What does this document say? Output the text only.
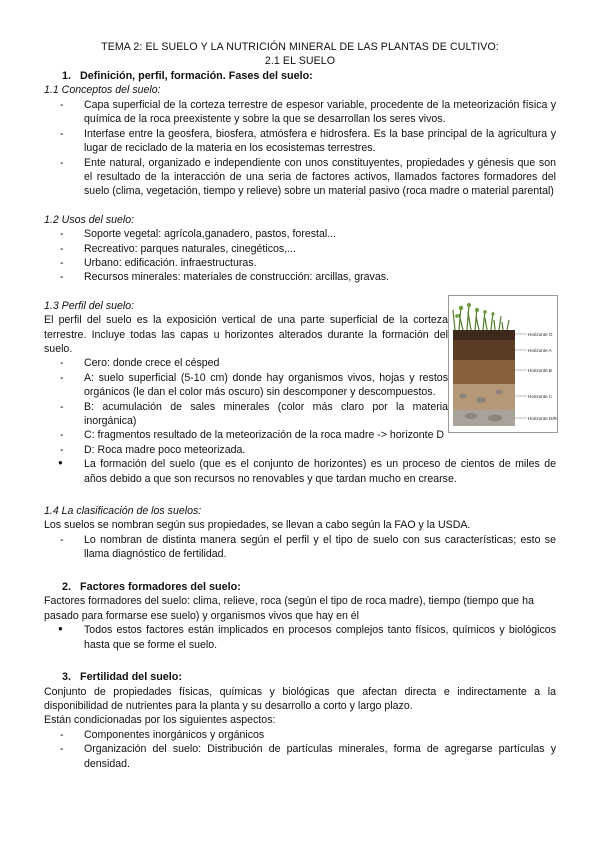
TEMA 2: EL SUELO Y LA NUTRICIÓN MINERAL DE LAS PLANTAS DE CULTIVO:
2.1 EL SUELO
1. Definición, perfil, formación. Fases del suelo:

1.1 Conceptos del suelo:

- Capa superficial de la corteza terrestre de espesor variable, procedente de la meteorización física y química de la roca preexistente y sobre la que se desarrollan los seres vivos.
- Interfase entre la geosfera, biosfera, atmósfera e hidrosfera. Es la base principal de la agricultura y lugar de reciclado de la materia en los ecosistemas terrestres.
- Ente natural, organizado e independiente con unos constituyentes, propiedades y génesis que son el resultado de la interacción de una seria de factores activos, llamados factores formadores del suelo (clima, vegetación, tiempo y relieve) sobre un material pasivo (roca madre o material parental)

1.2 Usos del suelo:

- Soporte vegetal: agrícola,ganadero, pastos, forestal...
- Recreativo: parques naturales, cinegéticos,...
- Urbano: edificación. infraestructuras.
- Recursos minerales: materiales de construcción: arcillas, gravas.
Horizonte O
Horizonte A
Horizonte B
Horizonte C
Horizonte D/R

1.3 Perfil del suelo:

El perfil del suelo es la exposición vertical de una parte superficial de la corteza terrestre. Incluye todas las capas u horizontes alterados durante la formación del suelo.

- Cero: donde crece el césped
- A: suelo superficial (5-10 cm) donde hay organismos vivos, hojas y restos orgánicos (le dan el color más oscuro) sin descomponer y descompuestos.
- B: acumulación de sales minerales (color más claro por la materia inorgánica)
- C: fragmentos resultado de la meteorización de la roca madre -> horizonte D
- D: Roca madre poco meteorizada.
● La formación del suelo (que es el conjunto de horizontes) es un proceso de cientos de miles de años debido a que son recursos no renovables y que tardan mucho en crearse.

1.4 La clasificación de los suelos:

Los suelos se nombran según sus propiedades, se llevan a cabo según la FAO y la USDA.

- Lo nombran de distinta manera según el perfil y el tipo de suelo con sus características; esto se llama diagnóstico de fertilidad.
2. Factores formadores del suelo:

Factores formadores del suelo: clima, relieve, roca (según el tipo de roca madre), tiempo (tiempo que ha pasado para formarse ese suelo) y organismos vivos que hay en él

● Todos estos factores están implicados en procesos complejos tanto físicos, químicos y biológicos hasta que se forme el suelo.
3. Fertilidad del suelo:

Conjunto de propiedades físicas, químicas y biológicas que afectan directa e indirectamente a la disponibilidad de nutrientes para la planta y su desarrollo a corto y largo plazo.

Están condicionadas por los siguientes aspectos:

- Componentes inorgánicos y orgánicos
- Organización del suelo: Distribución de partículas minerales, forma de agregarse partículas y densidad.
